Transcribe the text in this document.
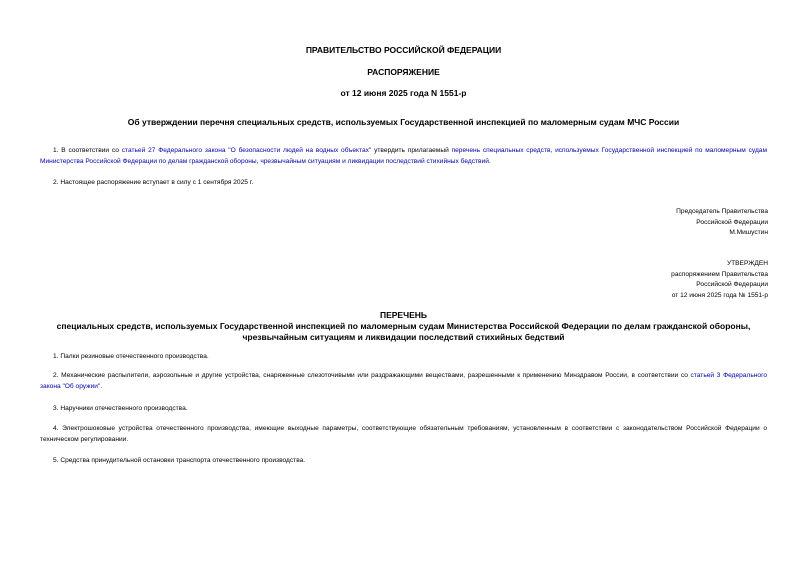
ПРАВИТЕЛЬСТВО РОССИЙСКОЙ ФЕДЕРАЦИИ
РАСПОРЯЖЕНИЕ
от 12 июня 2025 года N 1551-р
Об утверждении перечня специальных средств, используемых Государственной инспекцией по маломерным судам МЧС России
1. В соответствии со статьей 27 Федерального закона "О безопасности людей на водных объектах" утвердить прилагаемый перечень специальных средств, используемых Государственной инспекцией по маломерным судам Министерства Российской Федерации по делам гражданской обороны, чрезвычайным ситуациям и ликвидации последствий стихийных бедствий.
2. Настоящее распоряжение вступает в силу с 1 сентября 2025 г.
Председатель Правительства
Российской Федерации
М.Мишустин
УТВЕРЖДЕН
распоряжением Правительства
Российской Федерации
от 12 июня 2025 года № 1551-р
ПЕРЕЧЕНЬ
специальных средств, используемых Государственной инспекцией по маломерным судам Министерства Российской Федерации по делам гражданской обороны, чрезвычайным ситуациям и ликвидации последствий стихийных бедствий
1. Палки резиновые отечественного производства.
2. Механические распылители, аэрозольные и другие устройства, снаряженные слезоточивыми или раздражающими веществами, разрешенными к применению Минздравом России, в соответствии со статьей 3 Федерального закона "Об оружии".
3. Наручники отечественного производства.
4. Электрошоковые устройства отечественного производства, имеющие выходные параметры, соответствующие обязательным требованиям, установленным в соответствии с законодательством Российской Федерации о техническом регулировании.
5. Средства принудительной остановки транспорта отечественного производства.
